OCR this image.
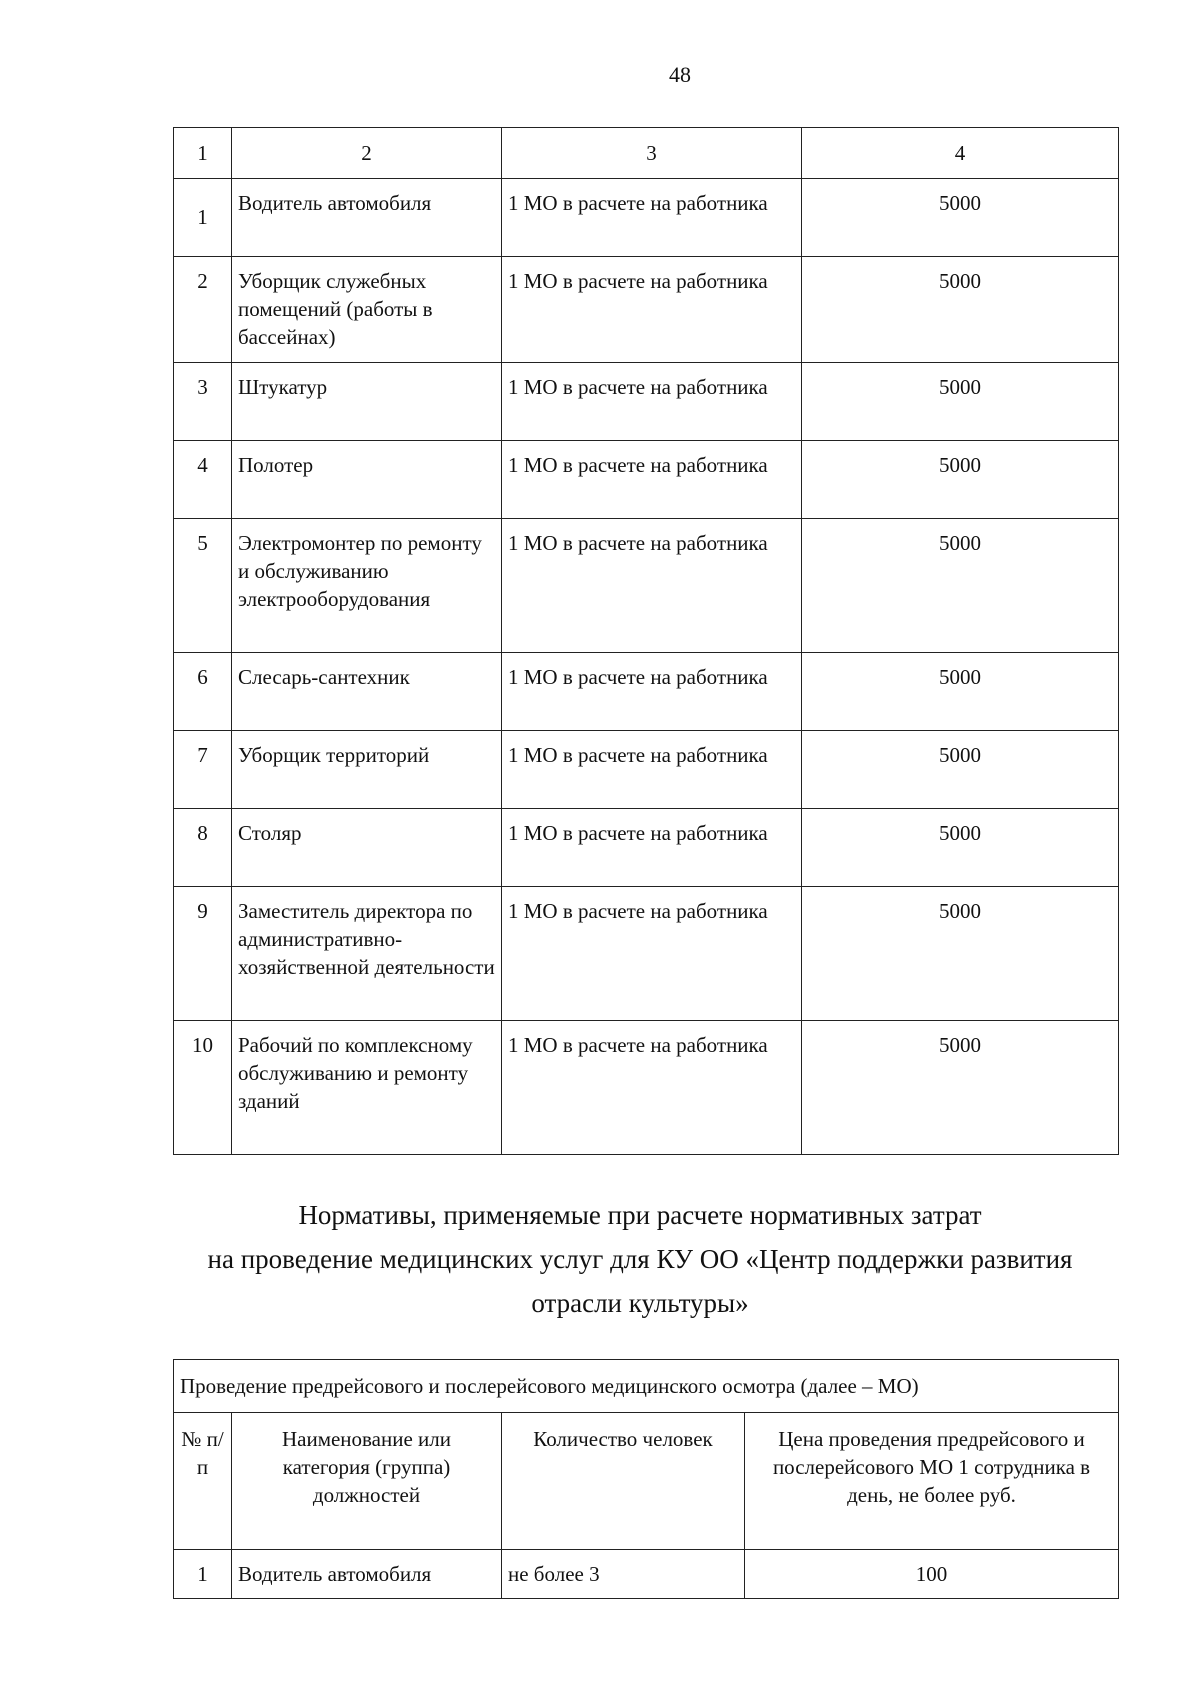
48
1	2	3	4
1	Водитель автомобиля	1 МО в расчете на работника	5000
2	Уборщик служебных помещений (работы в бассейнах)	1 МО в расчете на работника	5000
3	Штукатур	1 МО в расчете на работника	5000
4	Полотер	1 МО в расчете на работника	5000
5	Электромонтер по ремонту и обслуживанию электрооборудования	1 МО в расчете на работника	5000
6	Слесарь-сантехник	1 МО в расчете на работника	5000
7	Уборщик территорий	1 МО в расчете на работника	5000
8	Столяр	1 МО в расчете на работника	5000
9	Заместитель директора по административно-хозяйственной деятельности	1 МО в расчете на работника	5000
10	Рабочий по комплексному обслуживанию и ремонту зданий	1 МО в расчете на работника	5000
Нормативы, применяемые при расчете нормативных затрат
на проведение медицинских услуг для КУ ОО «Центр поддержки развития
отрасли культуры»
Проведение предрейсового и послерейсового медицинского осмотра (далее – МО)			
№ п/п	Наименование или категория (группа) должностей	Количество человек	Цена проведения предрейсового и послерейсового МО 1 сотрудника в день, не более руб.
1	Водитель автомобиля	не более 3	100
